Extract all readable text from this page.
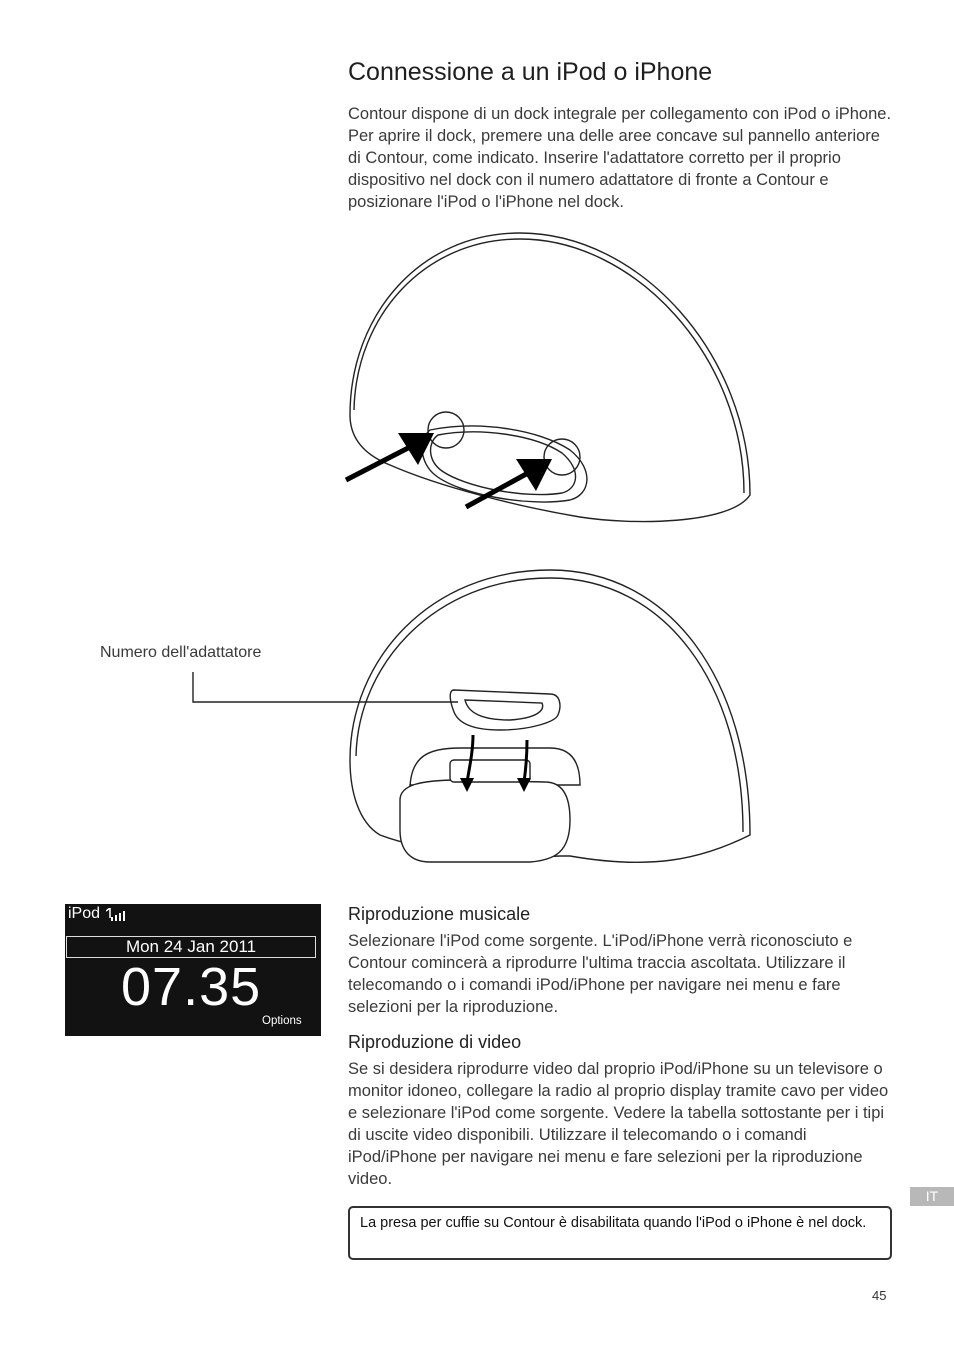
Connessione a un iPod o iPhone

Contour dispone di un dock integrale per collegamento con iPod o iPhone. Per aprire il dock, premere una delle aree concave sul pannello anteriore di Contour, come indicato. Inserire l'adattatore corretto per il proprio dispositivo nel dock con il numero adattatore di fronte a Contour e posizionare l'iPod o l'iPhone nel dock.

Numero dell'adattatore
iPod
Mon 24 Jan 2011
07.35
Options
Riproduzione musicale

Selezionare l'iPod come sorgente. L'iPod/iPhone verrà riconosciuto e Contour comincerà a riprodurre l'ultima traccia ascoltata. Utilizzare il telecomando o i comandi iPod/iPhone per navigare nei menu e fare selezioni per la riproduzione.

Riproduzione di video

Se si desidera riprodurre video dal proprio iPod/iPhone su un televisore o monitor idoneo, collegare la radio al proprio display tramite cavo per video e selezionare l'iPod come sorgente. Vedere la tabella sottostante per i tipi di uscite video disponibili. Utilizzare il telecomando o i comandi iPod/iPhone per navigare nei menu e fare selezioni per la riproduzione video.

La presa per cuffie su Contour è disabilitata quando l'iPod o iPhone è nel dock.
IT
45
